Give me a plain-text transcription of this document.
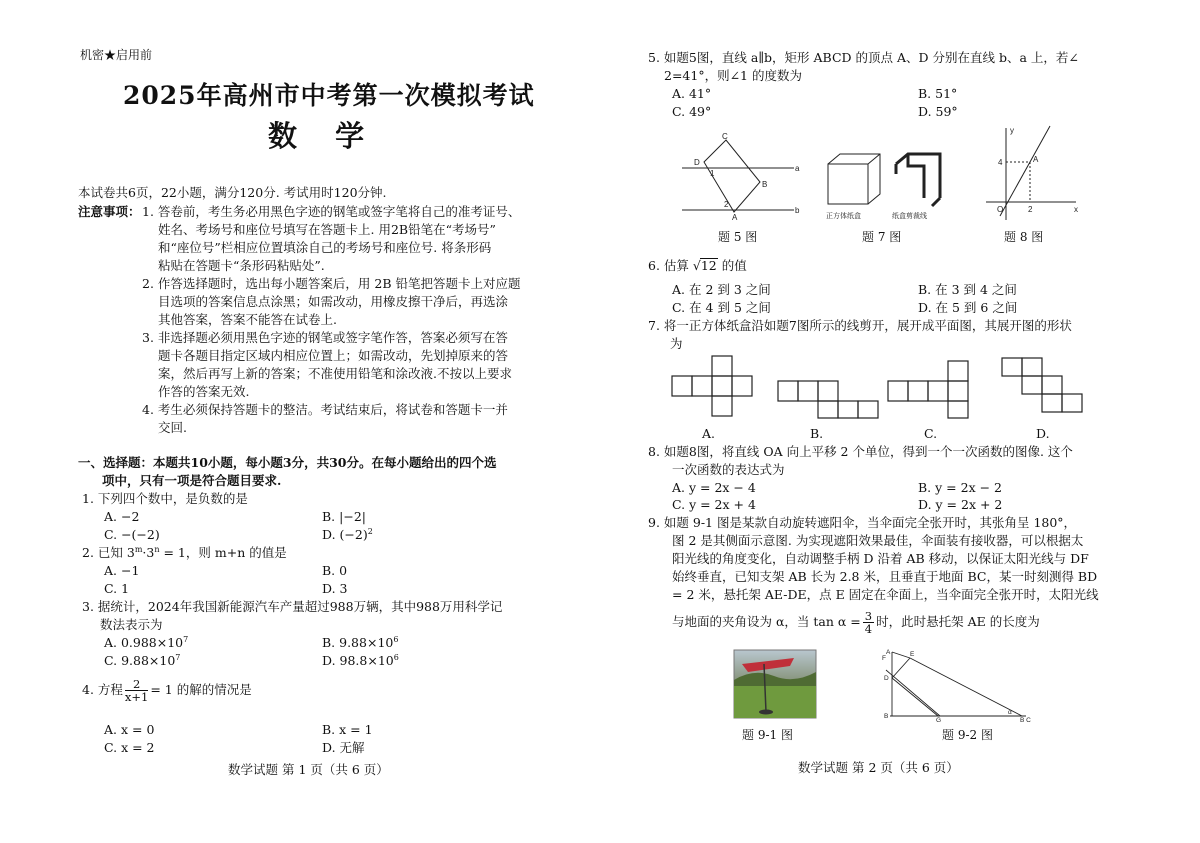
机密★启用前
2025年高州市中考第一次模拟考试
数 学
本试卷共6页，22小题，满分120分. 考试用时120分钟.
注意事项： 1. 答卷前，考生务必用黑色字迹的钢笔或签字笔将自己的准考证号、
姓名、考场号和座位号填写在答题卡上. 用2B铅笔在“考场号”
和“座位号”栏相应位置填涂自己的考场号和座位号. 将条形码
粘贴在答题卡“条形码粘贴处”.
2. 作答选择题时，选出每小题答案后，用 2B 铅笔把答题卡上对应题
目选项的答案信息点涂黑；如需改动，用橡皮擦干净后，再选涂
其他答案，答案不能答在试卷上.
3. 非选择题必须用黑色字迹的钢笔或签字笔作答，答案必须写在答
题卡各题目指定区域内相应位置上；如需改动，先划掉原来的答
案，然后再写上新的答案；不准使用铅笔和涂改液.不按以上要求
作答的答案无效.
4. 考生必须保持答题卡的整洁。考试结束后，将试卷和答题卡一并
交回.
一、选择题：本题共10小题，每小题3分，共30分。在每小题给出的四个选
项中，只有一项是符合题目要求.
1. 下列四个数中，是负数的是
A. −2	B. |−2|
C. −(−2)	D. $(-2)^2$
2. 已知 $3^m\cdot 3^n = 1$，则 m+n 的值是
A. −1	B. 0
C. 1	D. 3
3. 据统计，2024年我国新能源汽车产量超过988万辆，其中988万用科学记
数法表示为
A. $0.988\times 10^7$	B. $9.88\times 10^6$
C. $9.88\times 10^7$	D. $98.8\times 10^6$
4. 方程 $\frac{2}{x+1} = 1$ 的解的情况是
A. x = 0	B. x = 1
C. x = 2	D. 无解
数学试题 第 1 页（共 6 页）
5. 如题5图，直线 a∥b，矩形 ABCD 的顶点 A、D 分别在直线 b、a 上，若∠
2=41°，则∠1 的度数为
A. 41°	B. 51°
C. 49°	D. 59°
C
D
a
1
B
2
A
b
题 5 图
正方体纸盒	纸盒剪裁线
题 7 图
y
x
O
4
2
A
题 8 图
6. 估算 √12 的值
A. 在 2 到 3 之间	B. 在 3 到 4 之间
C. 在 4 到 5 之间	D. 在 5 到 6 之间
7. 将一正方体纸盒沿如题7图所示的线剪开，展开成平面图，其展开图的形状
为
A.	B.	C.	D.
8. 如题8图，将直线 OA 向上平移 2 个单位，得到一个一次函数的图像. 这个
一次函数的表达式为
A. y = 2x − 4	B. y = 2x − 2
C. y = 2x + 4	D. y = 2x + 2
9. 如题 9-1 图是某款自动旋转遮阳伞，当伞面完全张开时，其张角呈 180°，
图 2 是其侧面示意图. 为实现遮阳效果最佳，伞面装有接收器，可以根据太
阳光线的角度变化，自动调整手柄 D 沿着 AB 移动，以保证太阳光线与 DF
始终垂直，已知支架 AB 长为 2.8 米，且垂直于地面 BC，某一时刻测得 BD
= 2 米，悬托架 AE-DE，点 E 固定在伞面上，当伞面完全张开时，太阳光线
与地面的夹角设为 α，当 $\tan \alpha = \frac{3}{4}$ 时，此时悬托架 AE 的长度为
题 9-1 图
F
E
A
D
B
G
α
B C
题 9-2 图
数学试题 第 2 页（共 6 页）
